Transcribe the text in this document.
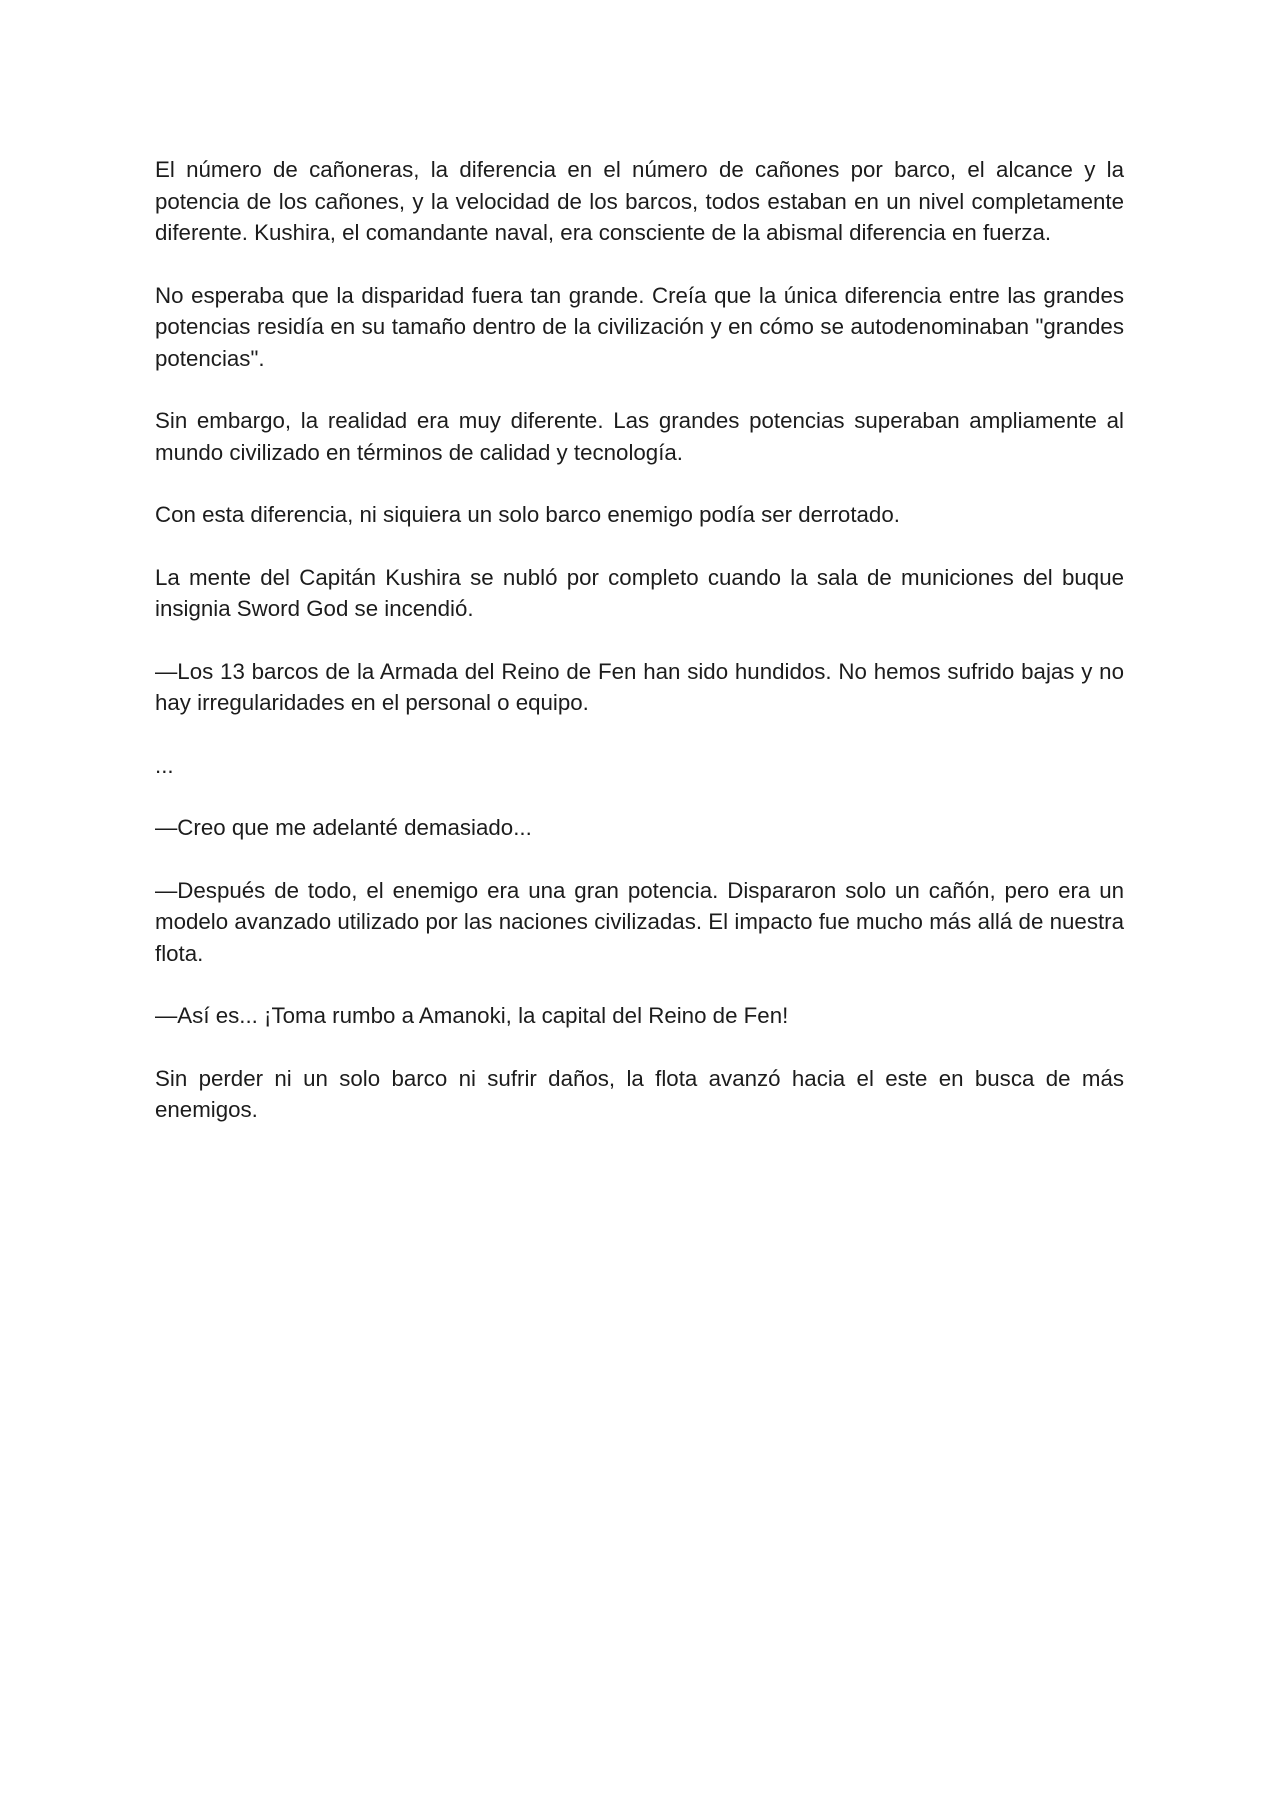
El número de cañoneras, la diferencia en el número de cañones por barco, el alcance y la potencia de los cañones, y la velocidad de los barcos, todos estaban en un nivel completamente diferente. Kushira, el comandante naval, era consciente de la abismal diferencia en fuerza.

No esperaba que la disparidad fuera tan grande. Creía que la única diferencia entre las grandes potencias residía en su tamaño dentro de la civilización y en cómo se autodenominaban "grandes potencias".

Sin embargo, la realidad era muy diferente. Las grandes potencias superaban ampliamente al mundo civilizado en términos de calidad y tecnología.

Con esta diferencia, ni siquiera un solo barco enemigo podía ser derrotado.

La mente del Capitán Kushira se nubló por completo cuando la sala de municiones del buque insignia Sword God se incendió.

—Los 13 barcos de la Armada del Reino de Fen han sido hundidos. No hemos sufrido bajas y no hay irregularidades en el personal o equipo.

...

—Creo que me adelanté demasiado...

—Después de todo, el enemigo era una gran potencia. Dispararon solo un cañón, pero era un modelo avanzado utilizado por las naciones civilizadas. El impacto fue mucho más allá de nuestra flota.

—Así es... ¡Toma rumbo a Amanoki, la capital del Reino de Fen!

Sin perder ni un solo barco ni sufrir daños, la flota avanzó hacia el este en busca de más enemigos.
